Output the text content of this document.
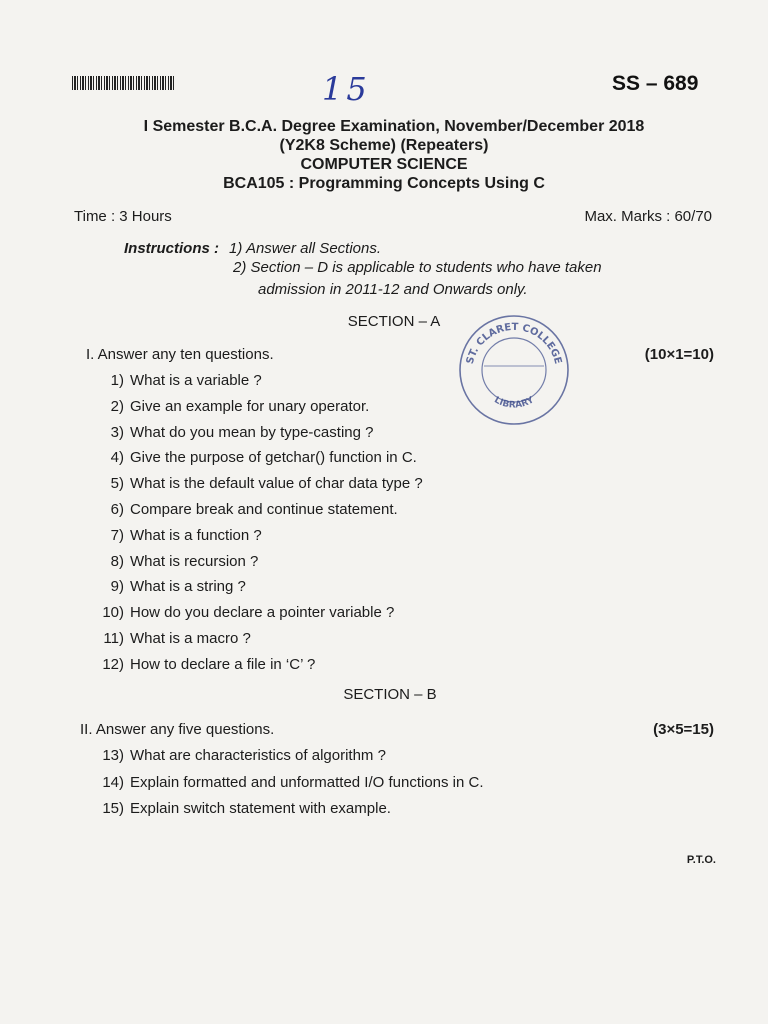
15	SS – 689
I Semester B.C.A. Degree Examination, November/December 2018
(Y2K8 Scheme) (Repeaters)
COMPUTER SCIENCE
BCA105 : Programming Concepts Using C
Time : 3 Hours	Max. Marks : 60/70
Instructions : 1) Answer all Sections.
2) Section – D is applicable to students who have taken
admission in 2011-12 and Onwards only.
ST. CLARET COLLEGE
LIBRARY
SECTION – A
I. Answer any ten questions.	(10×1=10)
1) What is a variable ?
2) Give an example for unary operator.
3) What do you mean by type-casting ?
4) Give the purpose of getchar() function in C.
5) What is the default value of char data type ?
6) Compare break and continue statement.
7) What is a function ?
8) What is recursion ?
9) What is a string ?
10) How do you declare a pointer variable ?
11) What is a macro ?
12) How to declare a file in ‘C’ ?
SECTION – B
II. Answer any five questions.	(3×5=15)
13) What are characteristics of algorithm ?
14) Explain formatted and unformatted I/O functions in C.
15) Explain switch statement with example.
P.T.O.
